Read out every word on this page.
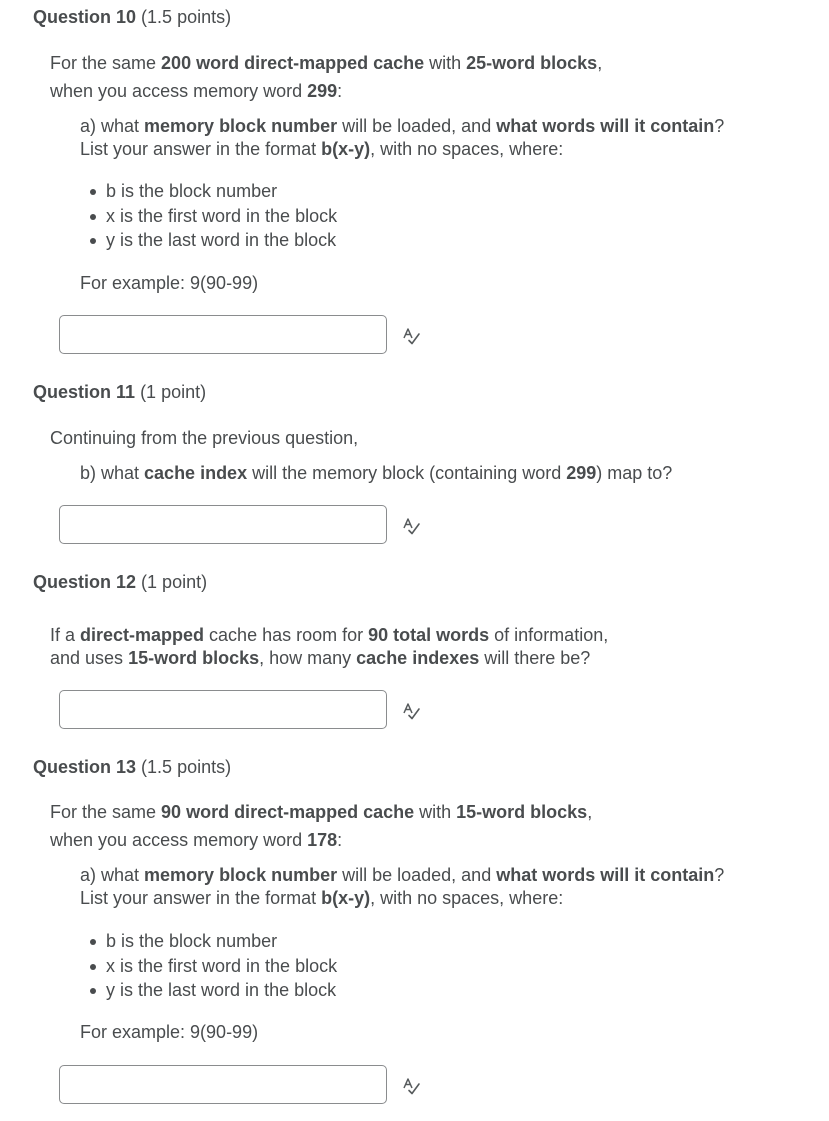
Question 10 (1.5 points)
For the same 200 word direct-mapped cache with 25-word blocks,
when you access memory word 299:
a) what memory block number will be loaded, and what words will it contain?
List your answer in the format b(x-y), with no spaces, where:
b is the block number
x is the first word in the block
y is the last word in the block
For example: 9(90-99)
Question 11 (1 point)
Continuing from the previous question,
b) what cache index will the memory block (containing word 299) map to?
Question 12 (1 point)
If a direct-mapped cache has room for 90 total words of information,
and uses 15-word blocks, how many cache indexes will there be?
Question 13 (1.5 points)
For the same 90 word direct-mapped cache with 15-word blocks,
when you access memory word 178:
a) what memory block number will be loaded, and what words will it contain?
List your answer in the format b(x-y), with no spaces, where:
b is the block number
x is the first word in the block
y is the last word in the block
For example: 9(90-99)
